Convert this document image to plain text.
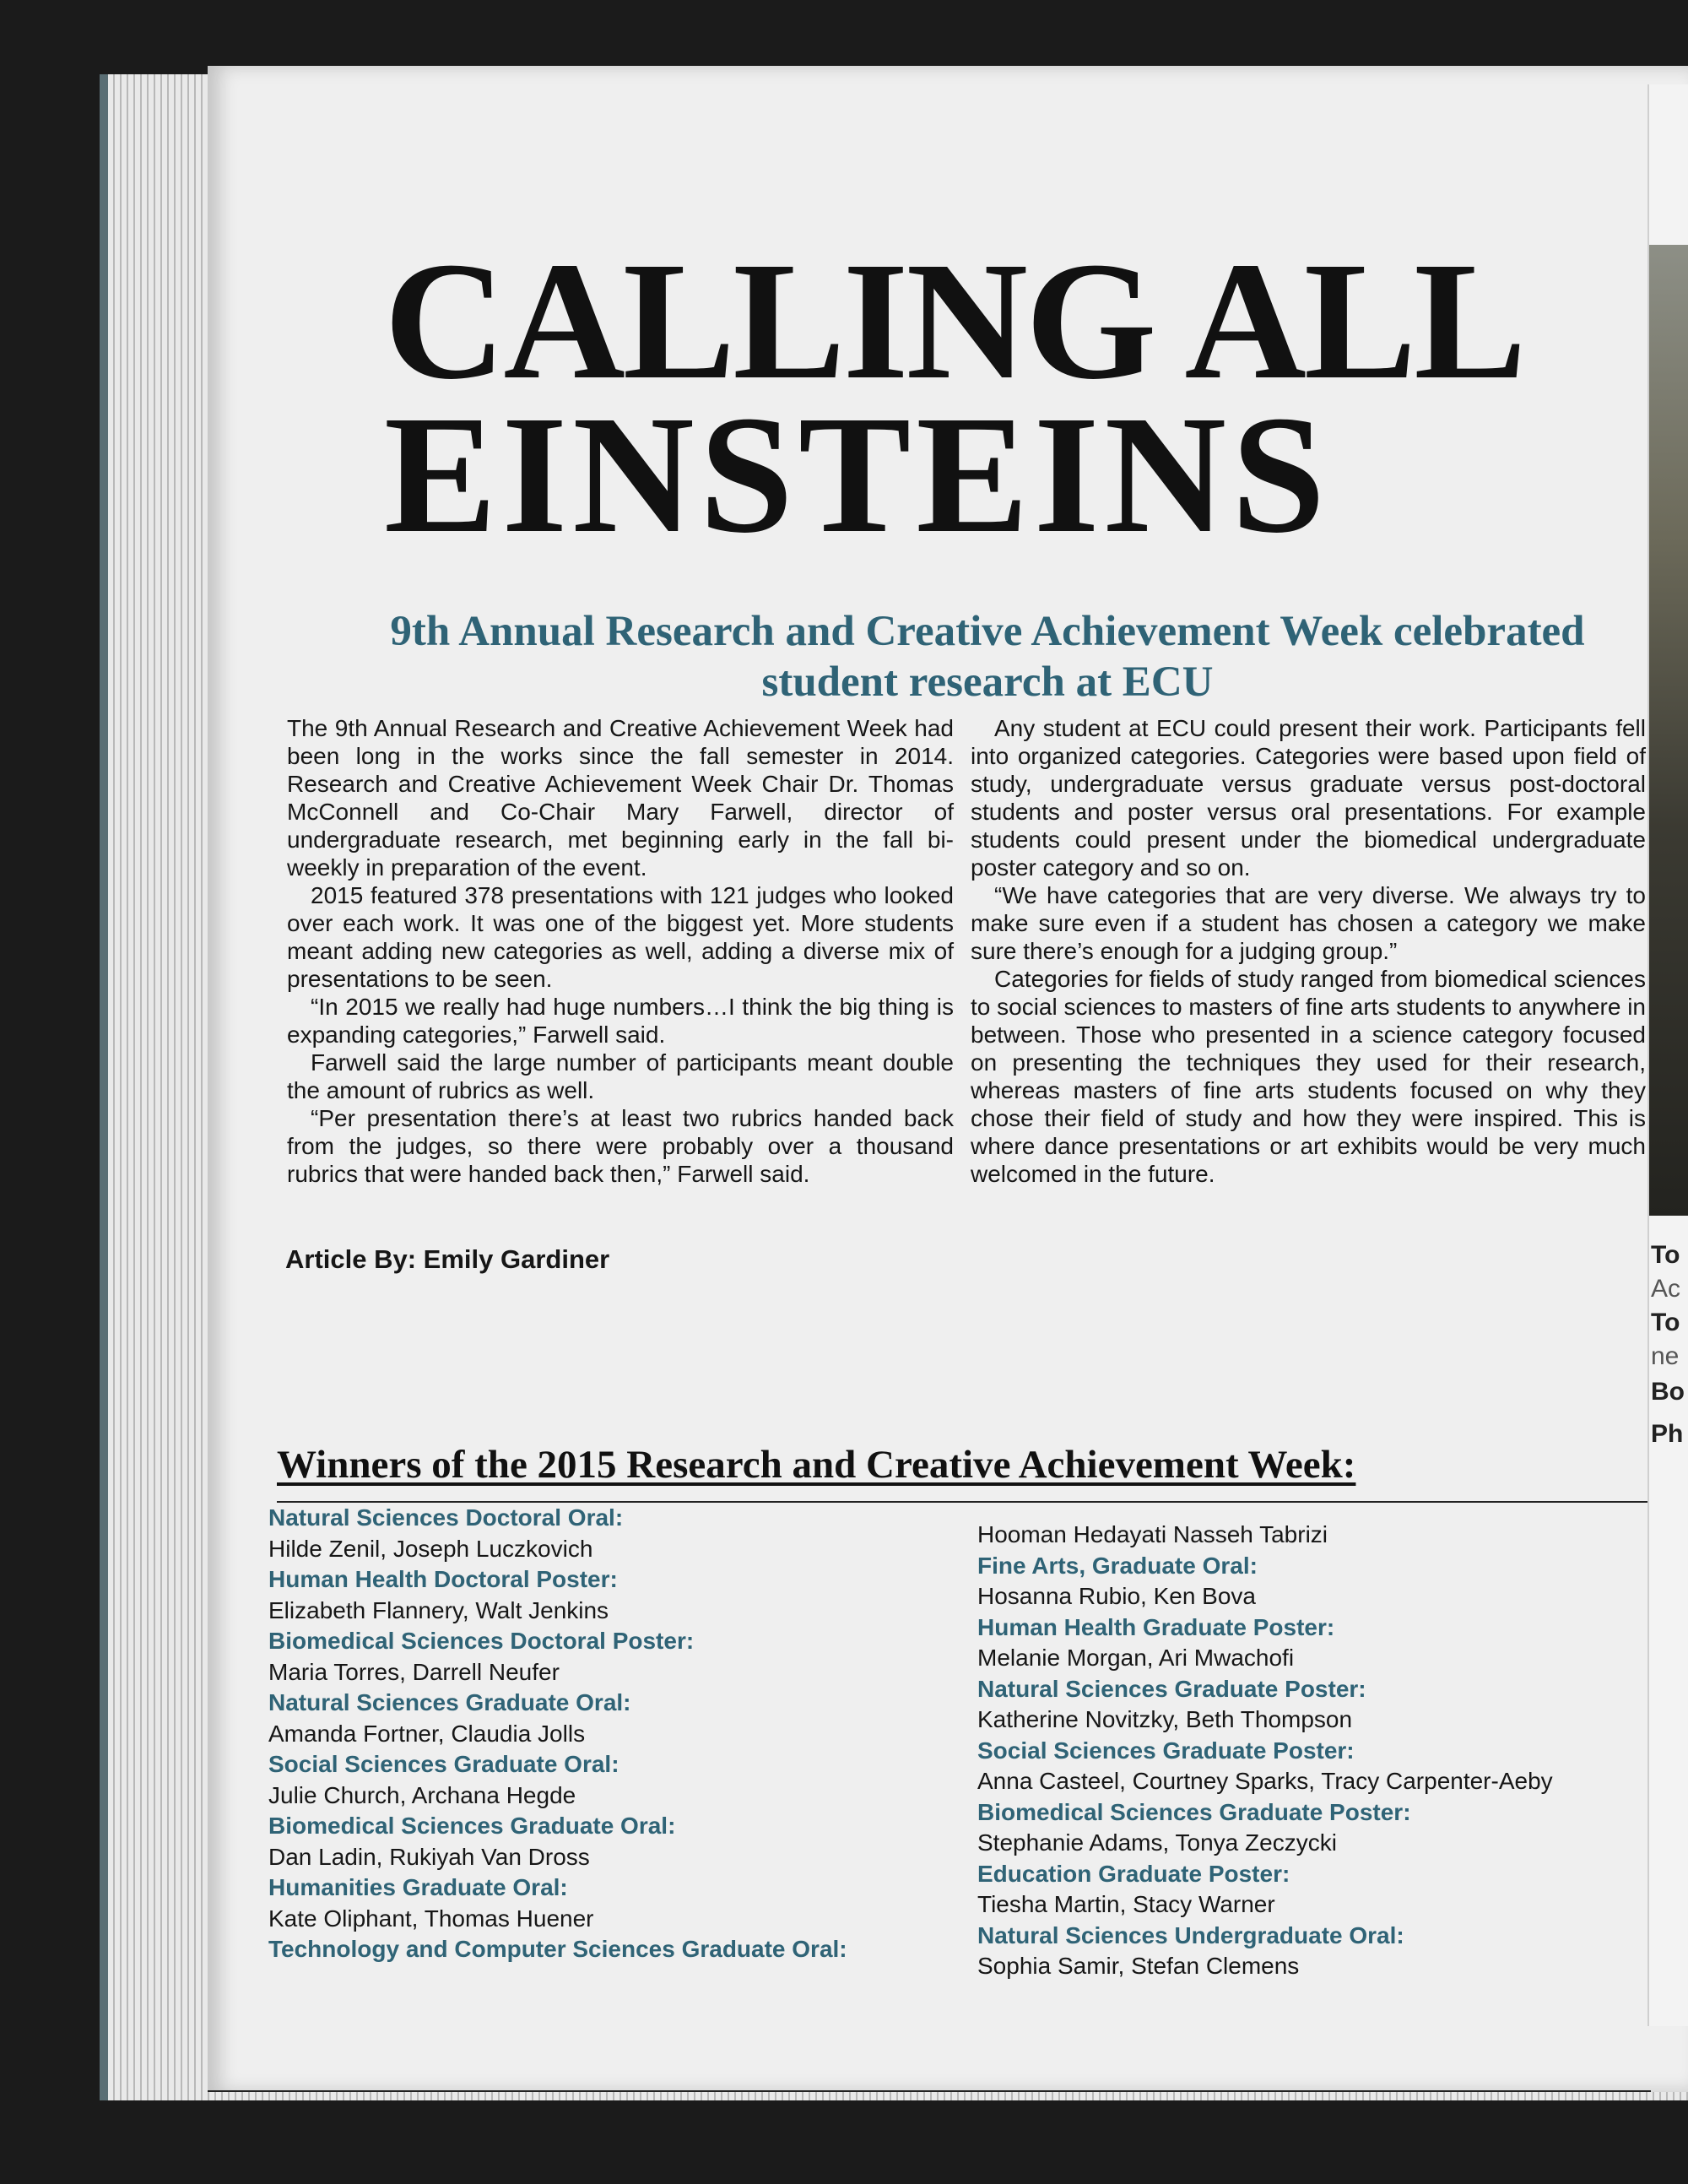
To
Ac
To
ne
Bo
Ph
CALLING ALL
EINSTEINS
9th Annual Research and Creative Achievement Week celebrated student research at ECU

The 9th Annual Research and Creative Achievement Week had been long in the works since the fall semester in 2014. Research and Creative Achievement Week Chair Dr. Thomas McConnell and Co-Chair Mary Farwell, director of undergraduate research, met beginning early in the fall bi-weekly in preparation of the event.

2015 featured 378 presentations with 121 judges who looked over each work. It was one of the biggest yet. More students meant adding new categories as well, adding a diverse mix of presentations to be seen.

“In 2015 we really had huge numbers…I think the big thing is expanding categories,” Farwell said.

Farwell said the large number of participants meant double the amount of rubrics as well.

“Per presentation there’s at least two rubrics handed back from the judges, so there were probably over a thousand rubrics that were handed back then,” Farwell said.

Any student at ECU could present their work. Participants fell into organized categories. Categories were based upon field of study, undergraduate versus graduate versus post-doctoral students and poster versus oral presentations. For example students could present under the biomedical undergraduate poster category and so on.

“We have categories that are very diverse. We always try to make sure even if a student has chosen a category we make sure there’s enough for a judging group.”

Categories for fields of study ranged from biomedical sciences to social sciences to masters of fine arts students to anywhere in between. Those who presented in a science category focused on presenting the techniques they used for their research, whereas masters of fine arts students focused on why they chose their field of study and how they were inspired. This is where dance presentations or art exhibits would be very much welcomed in the future.

Article By: Emily Gardiner
Winners of the 2015 Research and Creative Achievement Week:
Natural Sciences Doctoral Oral:
Hilde Zenil, Joseph Luczkovich
Human Health Doctoral Poster:
Elizabeth Flannery, Walt Jenkins
Biomedical Sciences Doctoral Poster:
Maria Torres, Darrell Neufer
Natural Sciences Graduate Oral:
Amanda Fortner, Claudia Jolls
Social Sciences Graduate Oral:
Julie Church, Archana Hegde
Biomedical Sciences Graduate Oral:
Dan Ladin, Rukiyah Van Dross
Humanities Graduate Oral:
Kate Oliphant, Thomas Huener
Technology and Computer Sciences Graduate Oral:
Hooman Hedayati Nasseh Tabrizi
Fine Arts, Graduate Oral:
Hosanna Rubio, Ken Bova
Human Health Graduate Poster:
Melanie Morgan, Ari Mwachofi
Natural Sciences Graduate Poster:
Katherine Novitzky, Beth Thompson
Social Sciences Graduate Poster:
Anna Casteel, Courtney Sparks, Tracy Carpenter-Aeby
Biomedical Sciences Graduate Poster:
Stephanie Adams, Tonya Zeczycki
Education Graduate Poster:
Tiesha Martin, Stacy Warner
Natural Sciences Undergraduate Oral:
Sophia Samir, Stefan Clemens
